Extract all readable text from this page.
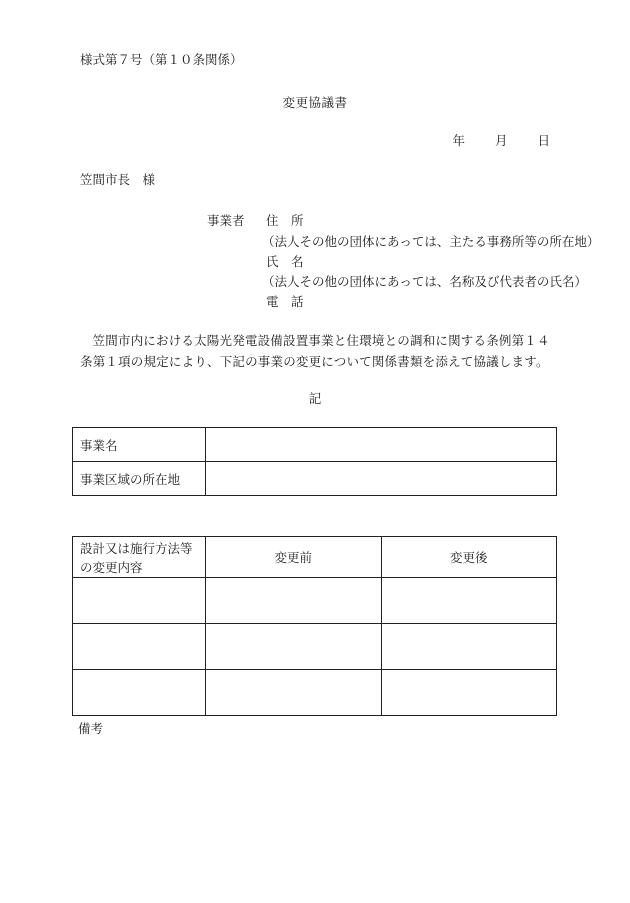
様式第７号（第１０条関係）
変更協議書
年 月 日
笠間市長　様
事業者 住　所
（法人その他の団体にあっては、主たる事務所等の所在地）
氏　名
（法人その他の団体にあっては、名称及び代表者の氏名）
電　話
笠間市内における太陽光発電設備設置事業と住環境との調和に関する条例第１４条第１項の規定により、下記の事業の変更について関係書類を添えて協議します。
記
事業名	
事業区域の所在地	
設計又は施行方法等の変更内容	変更前	変更後

備考
